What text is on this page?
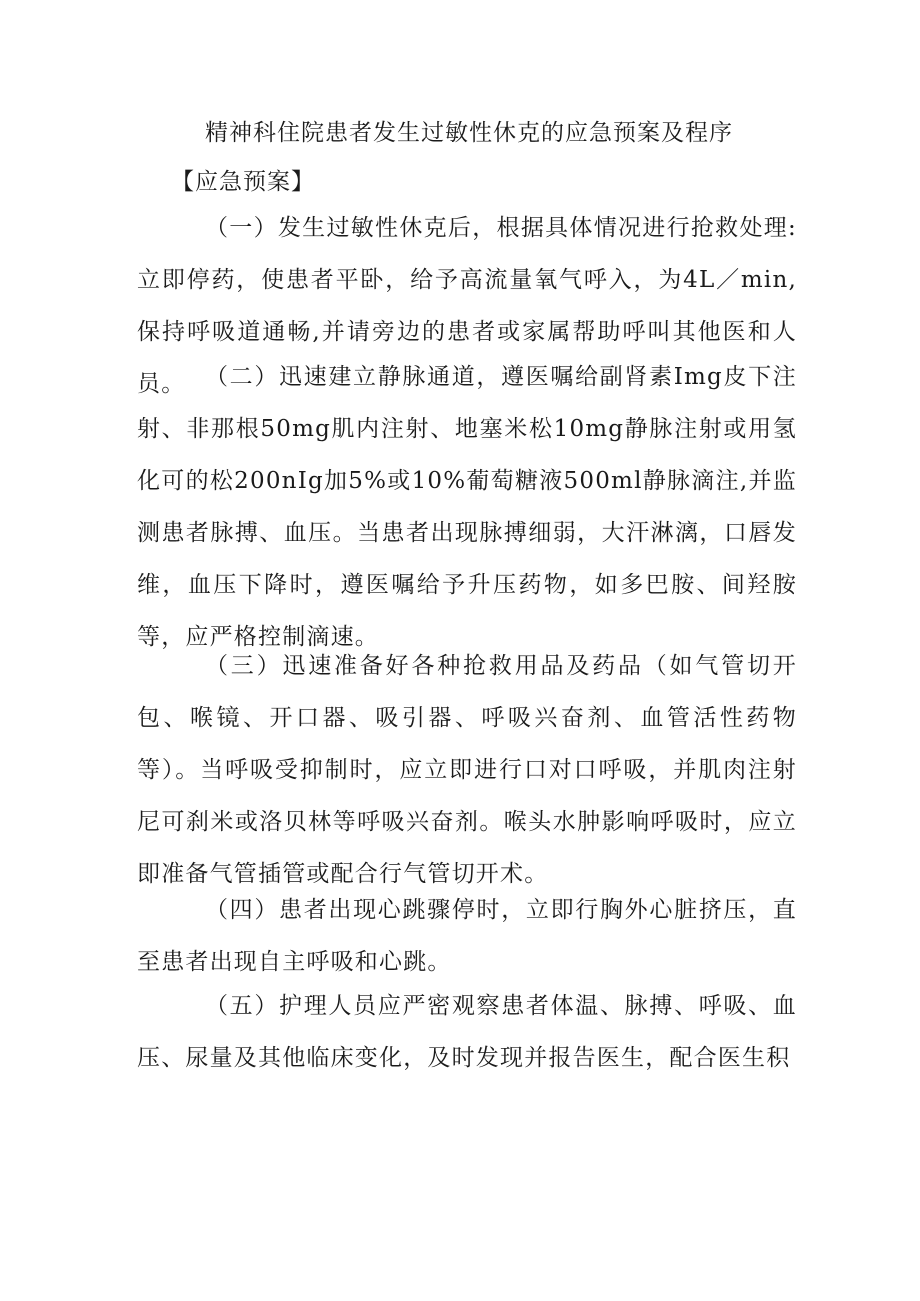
精神科住院患者发生过敏性休克的应急预案及程序
【应急预案】
（一）发生过敏性休克后，根据具体情况进行抢救处理:立即停药，使患者平卧，给予高流量氧气呼入，为4L／min,保持呼吸道通畅,并请旁边的患者或家属帮助呼叫其他医和人员。 （二）迅速建立静脉通道，遵医嘱给副肾素Img皮下注射、非那根50mg肌内注射、地塞米松10mg静脉注射或用氢化可的松200nIg加5%或10%葡萄糖液500ml静脉滴注,并监测患者脉搏、血压。当患者出现脉搏细弱，大汗淋漓，口唇发维，血压下降时，遵医嘱给予升压药物，如多巴胺、间羟胺等，应严格控制滴速。
（三）迅速准备好各种抢救用品及药品（如气管切开包、喉镜、开口器、吸引器、呼吸兴奋剂、血管活性药物等）。当呼吸受抑制时，应立即进行口对口呼吸，并肌肉注射尼可刹米或洛贝林等呼吸兴奋剂。喉头水肿影响呼吸时，应立即准备气管插管或配合行气管切开术。
（四）患者出现心跳骤停时，立即行胸外心脏挤压，直至患者出现自主呼吸和心跳。
（五）护理人员应严密观察患者体温、脉搏、呼吸、血压、尿量及其他临床变化，及时发现并报告医生，配合医生积
